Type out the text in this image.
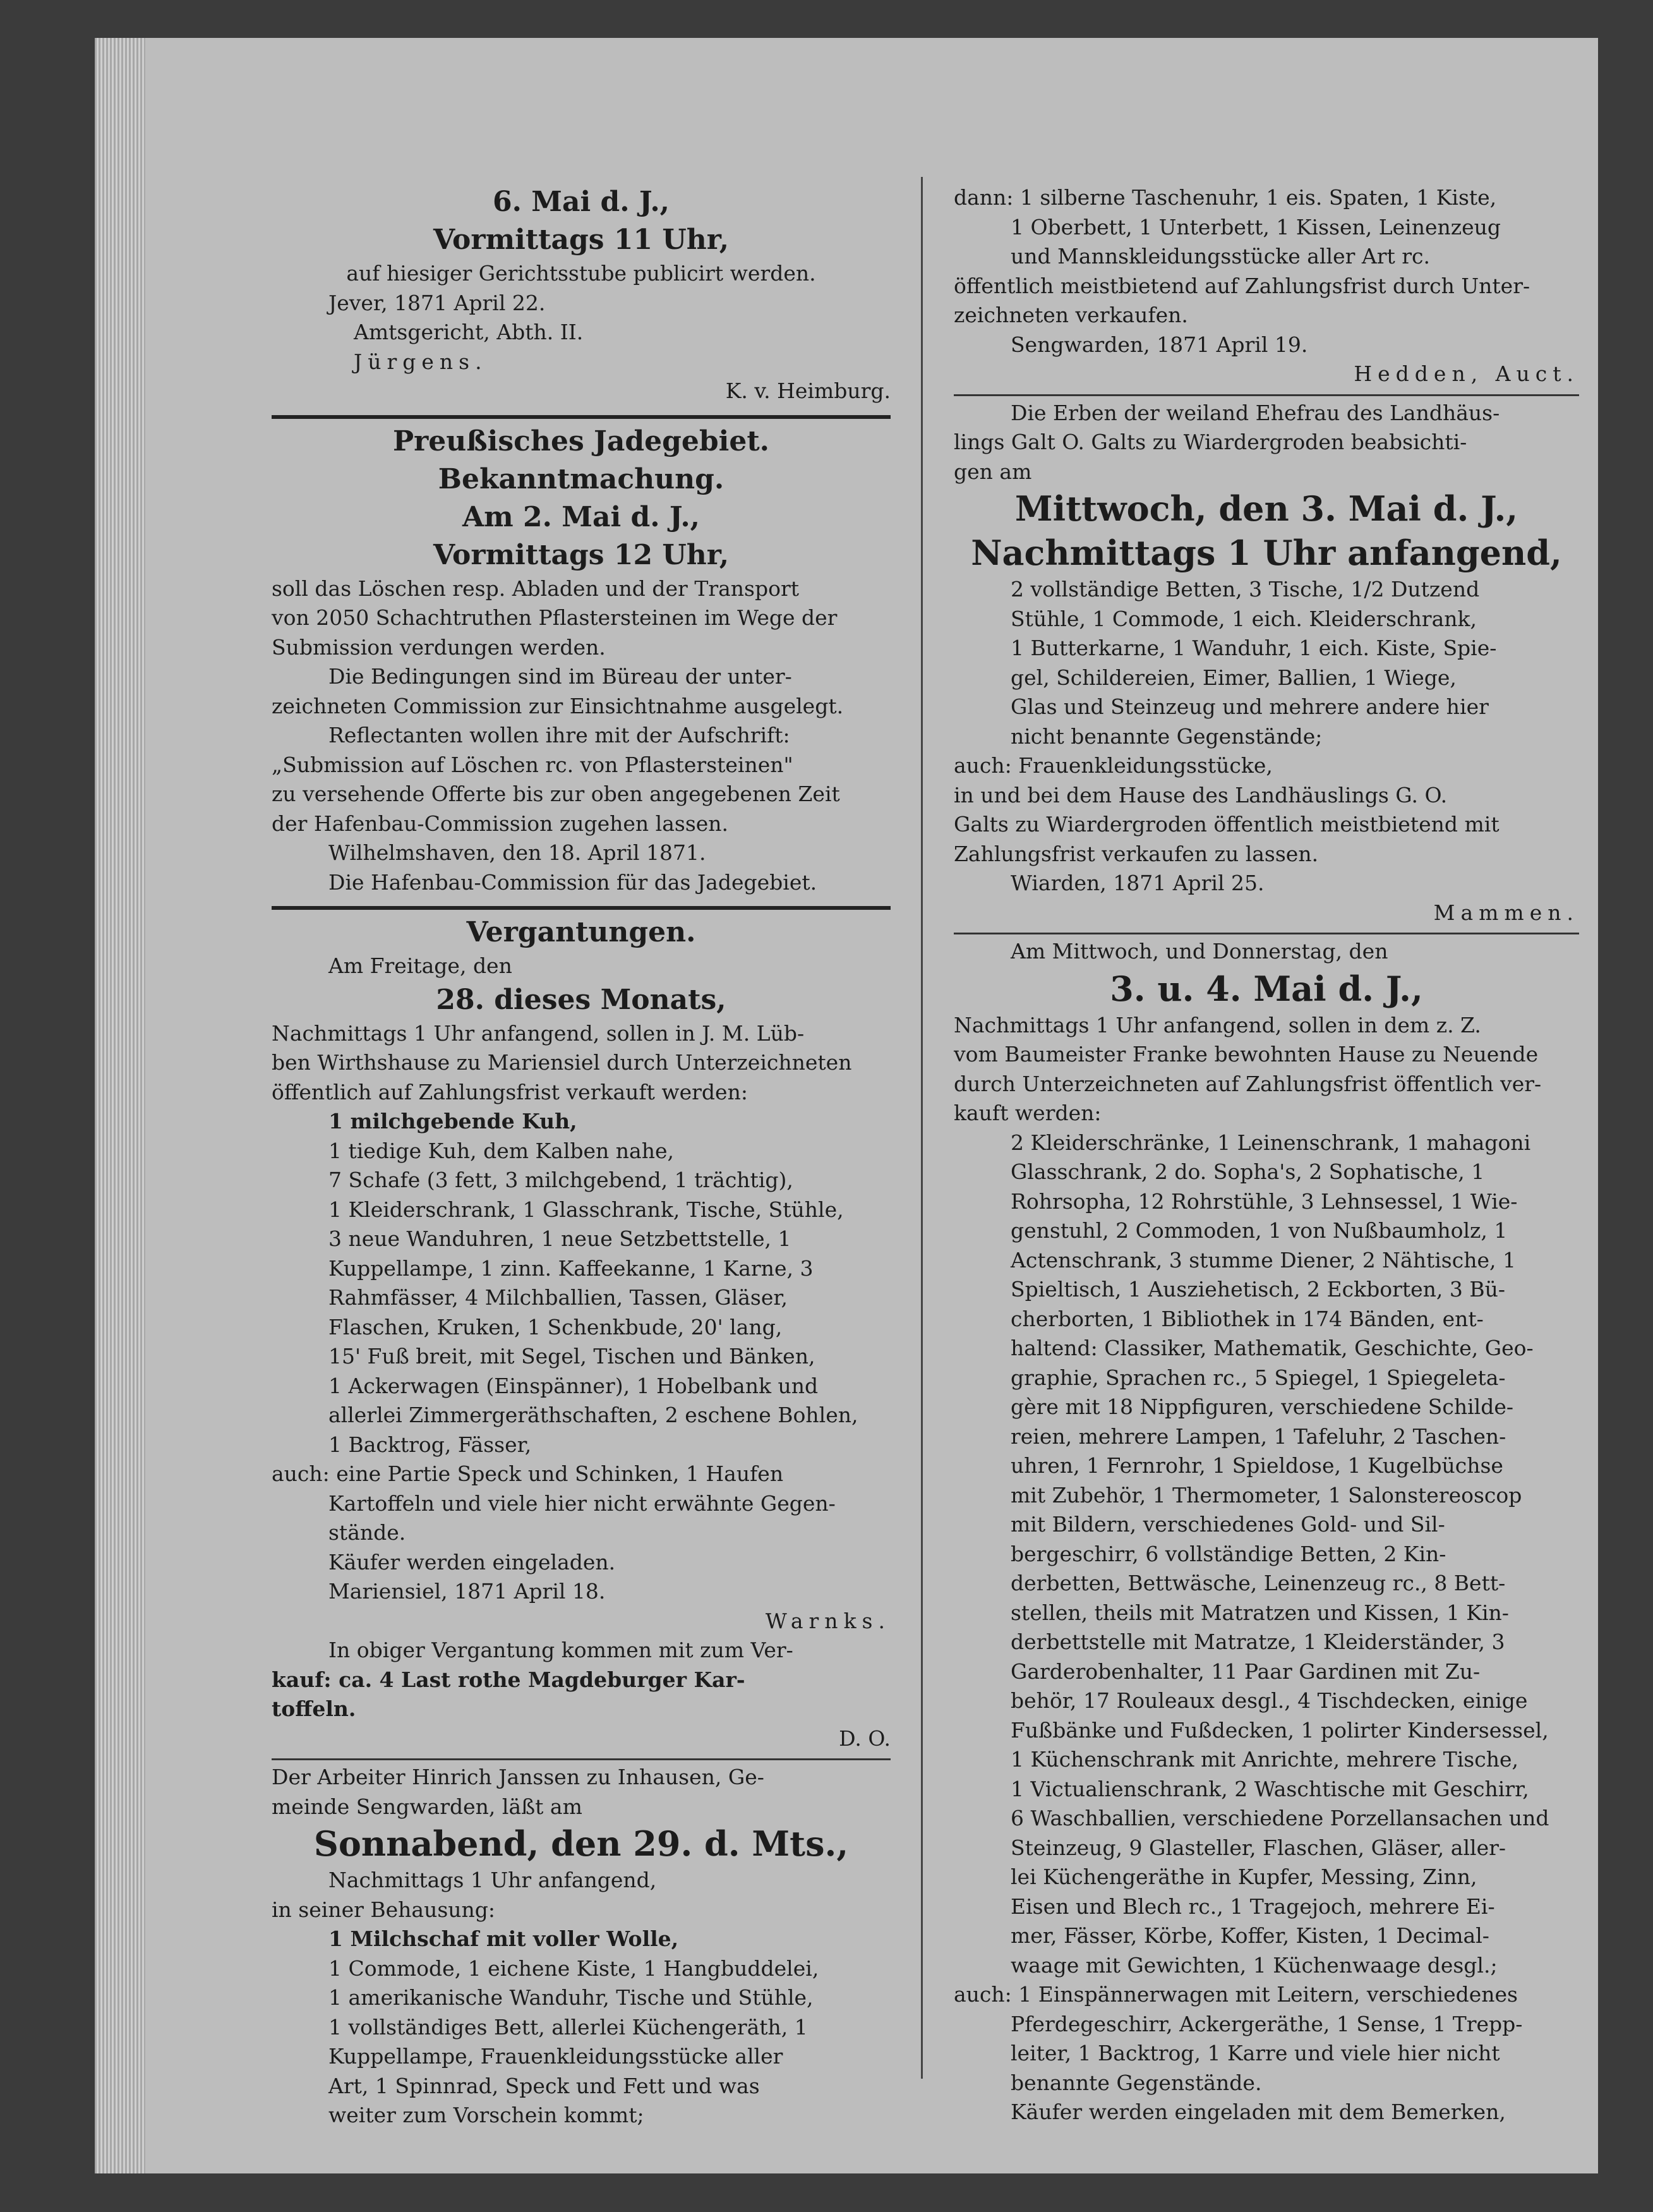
6. Mai d. J.,
Vormittags 11 Uhr,
auf hiesiger Gerichtsstube publicirt werden.
Jever, 1871 April 22.
Amtsgericht, Abth. II.
Jürgens.
K. v. Heimburg.
Preußisches Jadegebiet.
Bekanntmachung.
Am 2. Mai d. J.,
Vormittags 12 Uhr,
soll das Löschen resp. Abladen und der Transport
von 2050 Schachtruthen Pflastersteinen im Wege der
Submission verdungen werden.
Die Bedingungen sind im Büreau der unter-
zeichneten Commission zur Einsichtnahme ausgelegt.
Reflectanten wollen ihre mit der Aufschrift:
„Submission auf Löschen rc. von Pflastersteinen"
zu versehende Offerte bis zur oben angegebenen Zeit
der Hafenbau-Commission zugehen lassen.
Wilhelmshaven, den 18. April 1871.
Die Hafenbau-Commission für das Jadegebiet.
Vergantungen.
Am Freitage, den
28. dieses Monats,
Nachmittags 1 Uhr anfangend, sollen in J. M. Lüb-
ben Wirthshause zu Mariensiel durch Unterzeichneten
öffentlich auf Zahlungsfrist verkauft werden:
1 milchgebende Kuh,
1 tiedige Kuh, dem Kalben nahe,
7 Schafe (3 fett, 3 milchgebend, 1 trächtig),
1 Kleiderschrank, 1 Glasschrank, Tische, Stühle,
3 neue Wanduhren, 1 neue Setzbettstelle, 1
Kuppellampe, 1 zinn. Kaffeekanne, 1 Karne, 3
Rahmfässer, 4 Milchballien, Tassen, Gläser,
Flaschen, Kruken, 1 Schenkbude, 20' lang,
15' Fuß breit, mit Segel, Tischen und Bänken,
1 Ackerwagen (Einspänner), 1 Hobelbank und
allerlei Zimmergeräthschaften, 2 eschene Bohlen,
1 Backtrog, Fässer,
auch: eine Partie Speck und Schinken, 1 Haufen
Kartoffeln und viele hier nicht erwähnte Gegen-
stände.
Käufer werden eingeladen.
Mariensiel, 1871 April 18.
Warnks.
In obiger Vergantung kommen mit zum Ver-
kauf: ca. 4 Last rothe Magdeburger Kar-
toffeln.
D. O.
Der Arbeiter Hinrich Janssen zu Inhausen, Ge-
meinde Sengwarden, läßt am
Sonnabend, den 29. d. Mts.,
Nachmittags 1 Uhr anfangend,
in seiner Behausung:
1 Milchschaf mit voller Wolle,
1 Commode, 1 eichene Kiste, 1 Hangbuddelei,
1 amerikanische Wanduhr, Tische und Stühle,
1 vollständiges Bett, allerlei Küchengeräth, 1
Kuppellampe, Frauenkleidungsstücke aller
Art, 1 Spinnrad, Speck und Fett und was
weiter zum Vorschein kommt;
dann: 1 silberne Taschenuhr, 1 eis. Spaten, 1 Kiste,
1 Oberbett, 1 Unterbett, 1 Kissen, Leinenzeug
und Mannskleidungsstücke aller Art rc.
öffentlich meistbietend auf Zahlungsfrist durch Unter-
zeichneten verkaufen.
Sengwarden, 1871 April 19.
Hedden, Auct.
Die Erben der weiland Ehefrau des Landhäus-
lings Galt O. Galts zu Wiardergroden beabsichti-
gen am
Mittwoch, den 3. Mai d. J.,
Nachmittags 1 Uhr anfangend,
2 vollständige Betten, 3 Tische, 1/2 Dutzend
Stühle, 1 Commode, 1 eich. Kleiderschrank,
1 Butterkarne, 1 Wanduhr, 1 eich. Kiste, Spie-
gel, Schildereien, Eimer, Ballien, 1 Wiege,
Glas und Steinzeug und mehrere andere hier
nicht benannte Gegenstände;
auch: Frauenkleidungsstücke,
in und bei dem Hause des Landhäuslings G. O.
Galts zu Wiardergroden öffentlich meistbietend mit
Zahlungsfrist verkaufen zu lassen.
Wiarden, 1871 April 25.
Mammen.
Am Mittwoch, und Donnerstag, den
3. u. 4. Mai d. J.,
Nachmittags 1 Uhr anfangend, sollen in dem z. Z.
vom Baumeister Franke bewohnten Hause zu Neuende
durch Unterzeichneten auf Zahlungsfrist öffentlich ver-
kauft werden:
2 Kleiderschränke, 1 Leinenschrank, 1 mahagoni
Glasschrank, 2 do. Sopha's, 2 Sophatische, 1
Rohrsopha, 12 Rohrstühle, 3 Lehnsessel, 1 Wie-
genstuhl, 2 Commoden, 1 von Nußbaumholz, 1
Actenschrank, 3 stumme Diener, 2 Nähtische, 1
Spieltisch, 1 Ausziehetisch, 2 Eckborten, 3 Bü-
cherborten, 1 Bibliothek in 174 Bänden, ent-
haltend: Classiker, Mathematik, Geschichte, Geo-
graphie, Sprachen rc., 5 Spiegel, 1 Spiegeleta-
gère mit 18 Nippfiguren, verschiedene Schilde-
reien, mehrere Lampen, 1 Tafeluhr, 2 Taschen-
uhren, 1 Fernrohr, 1 Spieldose, 1 Kugelbüchse
mit Zubehör, 1 Thermometer, 1 Salonstereoscop
mit Bildern, verschiedenes Gold- und Sil-
bergeschirr, 6 vollständige Betten, 2 Kin-
derbetten, Bettwäsche, Leinenzeug rc., 8 Bett-
stellen, theils mit Matratzen und Kissen, 1 Kin-
derbettstelle mit Matratze, 1 Kleiderständer, 3
Garderobenhalter, 11 Paar Gardinen mit Zu-
behör, 17 Rouleaux desgl., 4 Tischdecken, einige
Fußbänke und Fußdecken, 1 polirter Kindersessel,
1 Küchenschrank mit Anrichte, mehrere Tische,
1 Victualienschrank, 2 Waschtische mit Geschirr,
6 Waschballien, verschiedene Porzellansachen und
Steinzeug, 9 Glasteller, Flaschen, Gläser, aller-
lei Küchengeräthe in Kupfer, Messing, Zinn,
Eisen und Blech rc., 1 Tragejoch, mehrere Ei-
mer, Fässer, Körbe, Koffer, Kisten, 1 Decimal-
waage mit Gewichten, 1 Küchenwaage desgl.;
auch: 1 Einspännerwagen mit Leitern, verschiedenes
Pferdegeschirr, Ackergeräthe, 1 Sense, 1 Trepp-
leiter, 1 Backtrog, 1 Karre und viele hier nicht
benannte Gegenstände.
Käufer werden eingeladen mit dem Bemerken,
